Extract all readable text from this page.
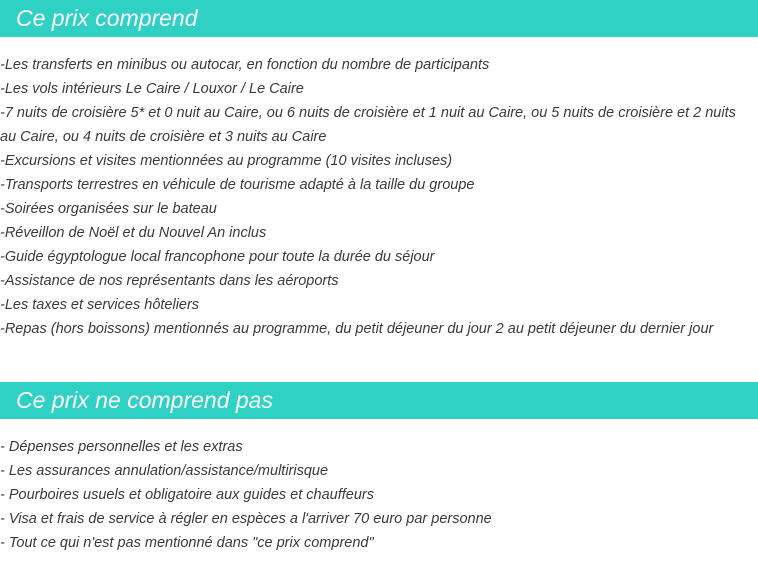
Ce prix comprend
-Les transferts en minibus ou autocar, en fonction du nombre de participants
-Les vols intérieurs Le Caire / Louxor / Le Caire
-7 nuits de croisière 5* et 0 nuit au Caire, ou 6 nuits de croisière et 1 nuit au Caire, ou 5 nuits de croisière et 2 nuits au Caire, ou 4 nuits de croisière et 3 nuits au Caire
-Excursions et visites mentionnées au programme (10 visites incluses)
-Transports terrestres en véhicule de tourisme adapté à la taille du groupe
-Soirées organisées sur le bateau
-Réveillon de Noël et du Nouvel An inclus
-Guide égyptologue local francophone pour toute la durée du séjour
-Assistance de nos représentants dans les aéroports
-Les taxes et services hôteliers
-Repas (hors boissons) mentionnés au programme, du petit déjeuner du jour 2 au petit déjeuner du dernier jour
Ce prix ne comprend pas
- Dépenses personnelles et les extras
- Les assurances annulation/assistance/multirisque
- Pourboires usuels et obligatoire aux guides et chauffeurs
- Visa et frais de service à régler en espèces a l'arriver 70 euro par personne
- Tout ce qui n'est pas mentionné dans "ce prix comprend"
